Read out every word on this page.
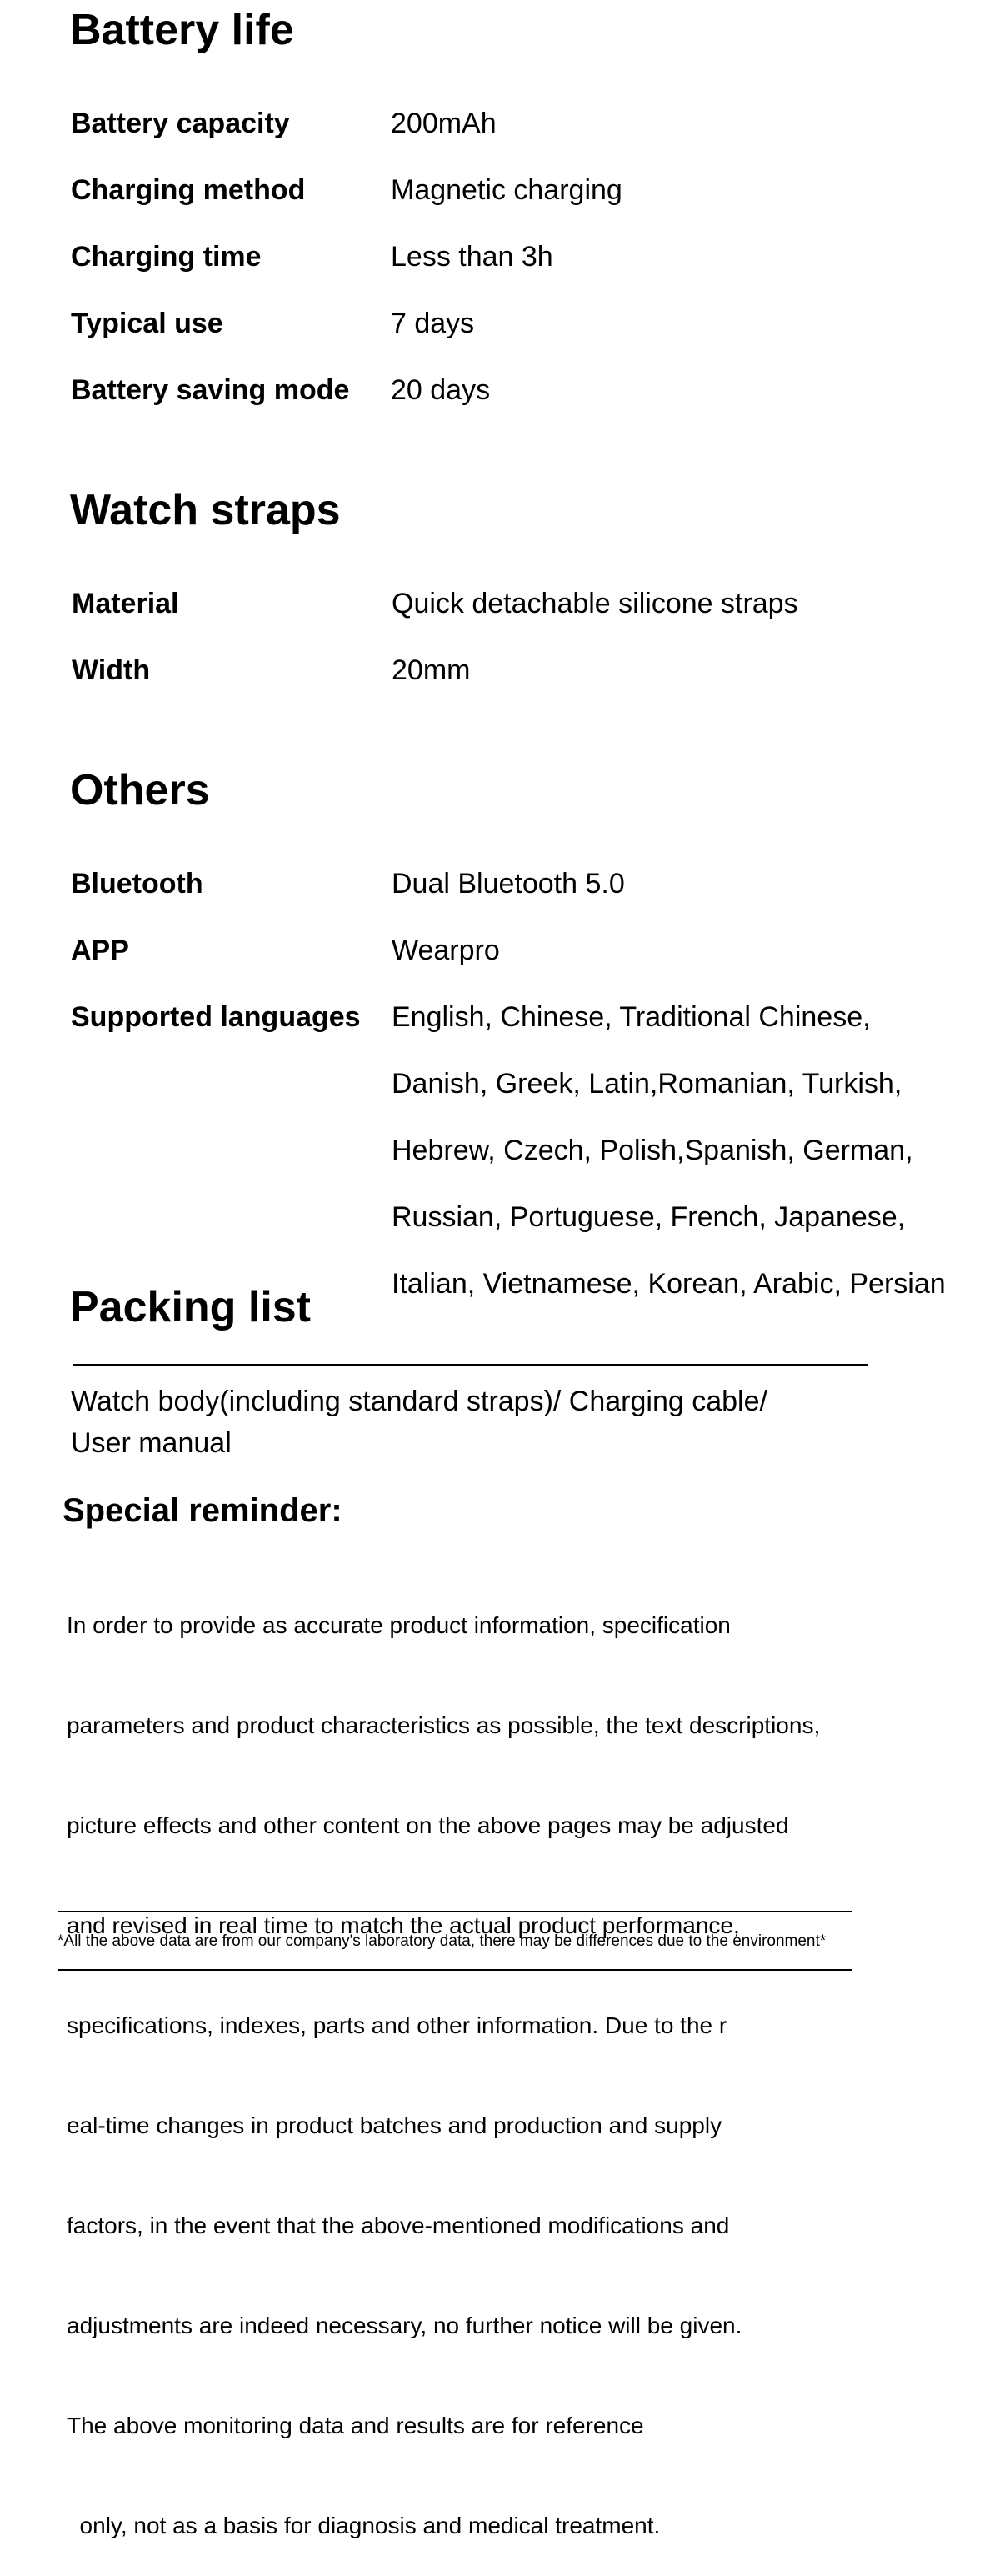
Battery life
Battery capacity	200mAh
Charging method	Magnetic charging
Charging time	Less than 3h
Typical use	7 days
Battery saving mode 20 days
Watch straps
Material	Quick detachable silicone straps
Width	20mm
Others
Bluetooth	Dual Bluetooth 5.0
APP	Wearpro
Supported languages English, Chinese, Traditional Chinese,
Danish, Greek, Latin,Romanian, Turkish,
Hebrew, Czech, Polish,Spanish, German,
Russian, Portuguese, French, Japanese,
Italian, Vietnamese, Korean, Arabic, Persian
Packing list
Watch body(including standard straps)/ Charging cable/
User manual
Special reminder:

In order to provide as accurate product information, specification

parameters and product characteristics as possible, the text descriptions,

picture effects and other content on the above pages may be adjusted

and revised in real time to match the actual product performance,

specifications, indexes, parts and other information. Due to the r

eal-time changes in product batches and production and supply

factors, in the event that the above-mentioned modifications and

adjustments are indeed necessary, no further notice will be given.

The above monitoring data and results are for reference

only, not as a basis for diagnosis and medical treatment.

*All the above data are from our company's laboratory data, there may be differences due to the environment*
